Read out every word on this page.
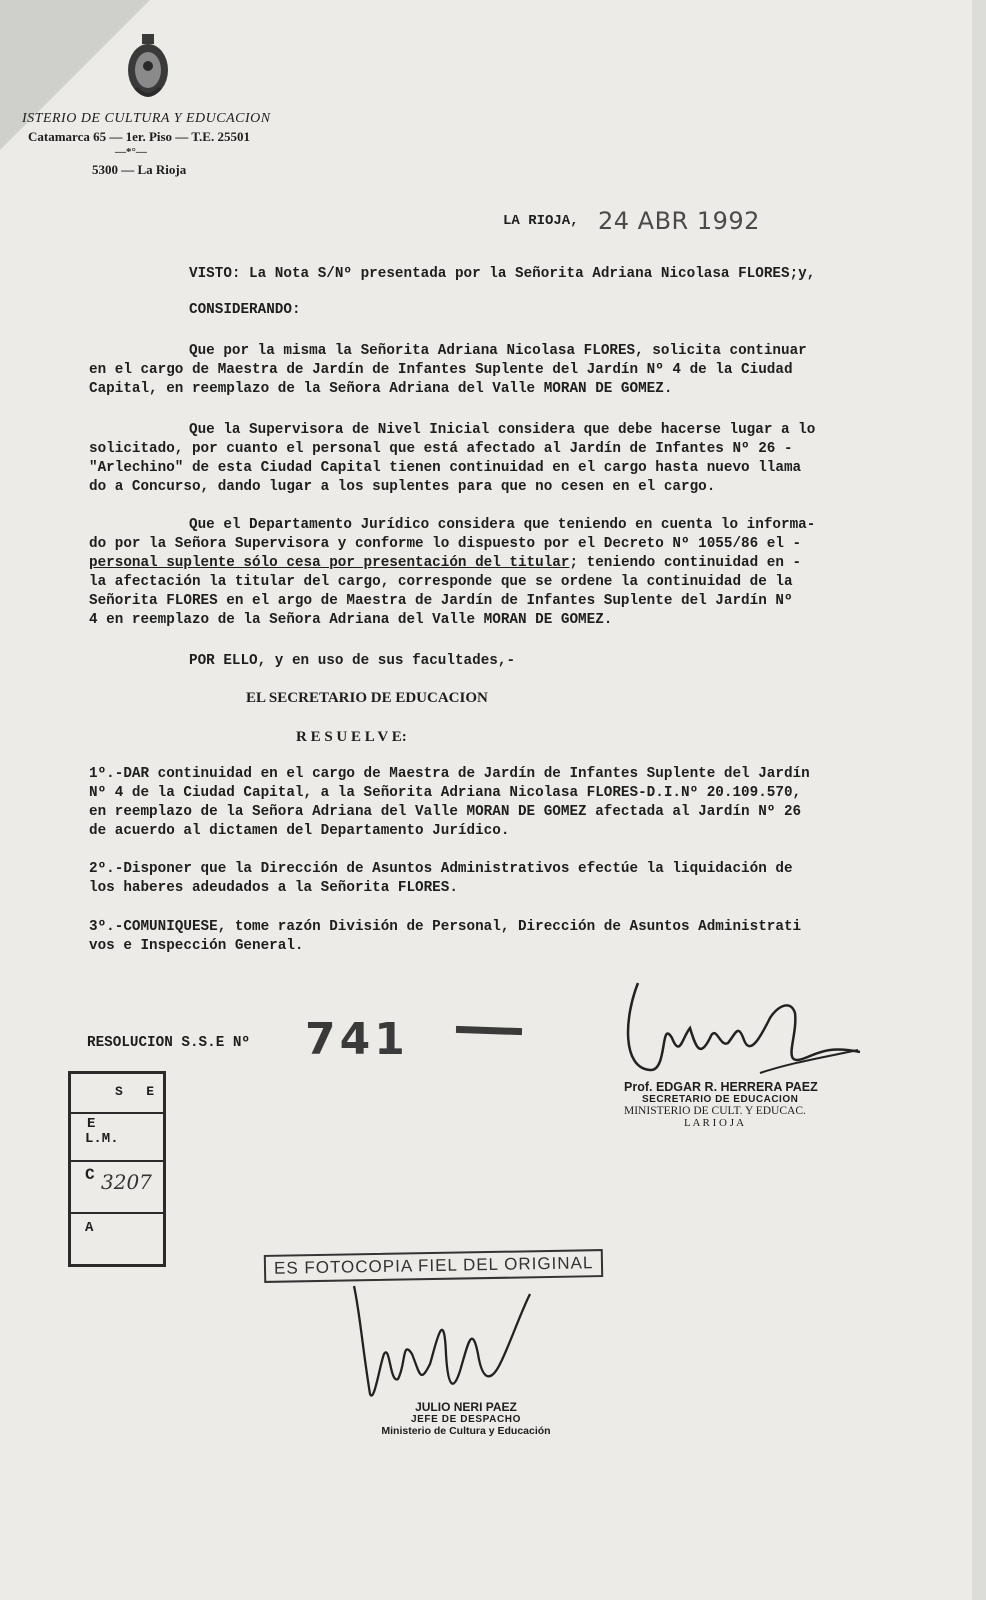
ISTERIO DE CULTURA Y EDUCACION
Catamarca 65 — 1er. Piso — T.E. 25501
—*°—
5300 — La Rioja
LA RIOJA, 24 ABR 1992
VISTO: La Nota S/Nº presentada por la Señorita Adriana Nicolasa FLORES;y,
CONSIDERANDO:
Que por la misma la Señorita Adriana Nicolasa FLORES, solicita continuar
en el cargo de Maestra de Jardín de Infantes Suplente del Jardín Nº 4 de la Ciudad
Capital, en reemplazo de la Señora Adriana del Valle MORAN DE GOMEZ.
Que la Supervisora de Nivel Inicial considera que debe hacerse lugar a lo
solicitado, por cuanto el personal que está afectado al Jardín de Infantes Nº 26 -
"Arlechino" de esta Ciudad Capital tienen continuidad en el cargo hasta nuevo llama
do a Concurso, dando lugar a los suplentes para que no cesen en el cargo.
Que el Departamento Jurídico considera que teniendo en cuenta lo informa-
do por la Señora Supervisora y conforme lo dispuesto por el Decreto Nº 1055/86 el -
personal suplente sólo cesa por presentación del titular; teniendo continuidad en -
la afectación la titular del cargo, corresponde que se ordene la continuidad de la
Señorita FLORES en el argo de Maestra de Jardín de Infantes Suplente del Jardín Nº
4 en reemplazo de la Señora Adriana del Valle MORAN DE GOMEZ.
POR ELLO, y en uso de sus facultades,-
EL SECRETARIO DE EDUCACION
R E S U E L V E:
1º.-DAR continuidad en el cargo de Maestra de Jardín de Infantes Suplente del Jardín
Nº 4 de la Ciudad Capital, a la Señorita Adriana Nicolasa FLORES-D.I.Nº 20.109.570,
en reemplazo de la Señora Adriana del Valle MORAN DE GOMEZ afectada al Jardín Nº 26
de acuerdo al dictamen del Departamento Jurídico.
2º.-Disponer que la Dirección de Asuntos Administrativos efectúe la liquidación de
los haberes adeudados a la Señorita FLORES.
3º.-COMUNIQUESE, tome razón División de Personal, Dirección de Asuntos Administrati
vos e Inspección General.
RESOLUCION S.S.E Nº 741
Prof. EDGAR R. HERRERA PAEZ
SECRETARIO DE EDUCACION
MINISTERIO DE CULT. Y EDUCAC.
L A R I O J A
S   E
E
L.M.
C 3207
A
ES FOTOCOPIA FIEL DEL ORIGINAL
JULIO NERI PAEZ
JEFE DE DESPACHO
Ministerio de Cultura y Educación
